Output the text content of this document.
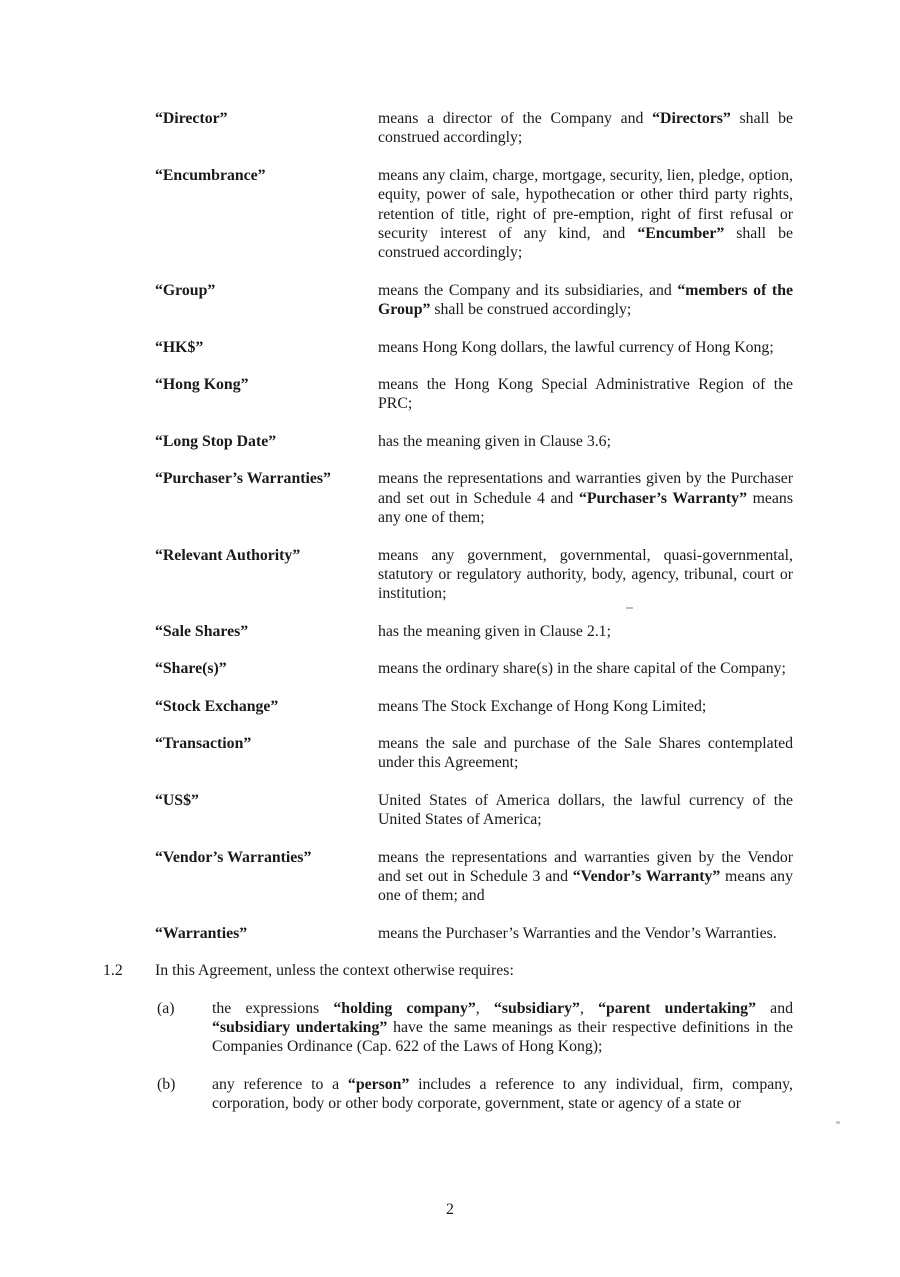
“Director”	means a director of the Company and “Directors” shall be construed accordingly;
“Encumbrance”	means any claim, charge, mortgage, security, lien, pledge, option, equity, power of sale, hypothecation or other third party rights, retention of title, right of pre-emption, right of first refusal or security interest of any kind, and “Encumber” shall be construed accordingly;
“Group”	means the Company and its subsidiaries, and “members of the Group” shall be construed accordingly;
“HK$”	means Hong Kong dollars, the lawful currency of Hong Kong;
“Hong Kong”	means the Hong Kong Special Administrative Region of the PRC;
“Long Stop Date”	has the meaning given in Clause 3.6;
“Purchaser’s Warranties”	means the representations and warranties given by the Purchaser and set out in Schedule 4 and “Purchaser’s Warranty” means any one of them;
“Relevant Authority”	means any government, governmental, quasi-governmental, statutory or regulatory authority, body, agency, tribunal, court or institution;
“Sale Shares”	has the meaning given in Clause 2.1;
“Share(s)”	means the ordinary share(s) in the share capital of the Company;
“Stock Exchange”	means The Stock Exchange of Hong Kong Limited;
“Transaction”	means the sale and purchase of the Sale Shares contemplated under this Agreement;
“US$”	United States of America dollars, the lawful currency of the United States of America;
“Vendor’s Warranties”	means the representations and warranties given by the Vendor and set out in Schedule 3 and “Vendor’s Warranty” means any one of them; and
“Warranties”	means the Purchaser’s Warranties and the Vendor’s Warranties.
1.2	In this Agreement, unless the context otherwise requires:
(a)	the expressions “holding company”, “subsidiary”, “parent undertaking” and “subsidiary undertaking” have the same meanings as their respective definitions in the Companies Ordinance (Cap. 622 of the Laws of Hong Kong);
(b)	any reference to a “person” includes a reference to any individual, firm, company, corporation, body or other body corporate, government, state or agency of a state or
2
